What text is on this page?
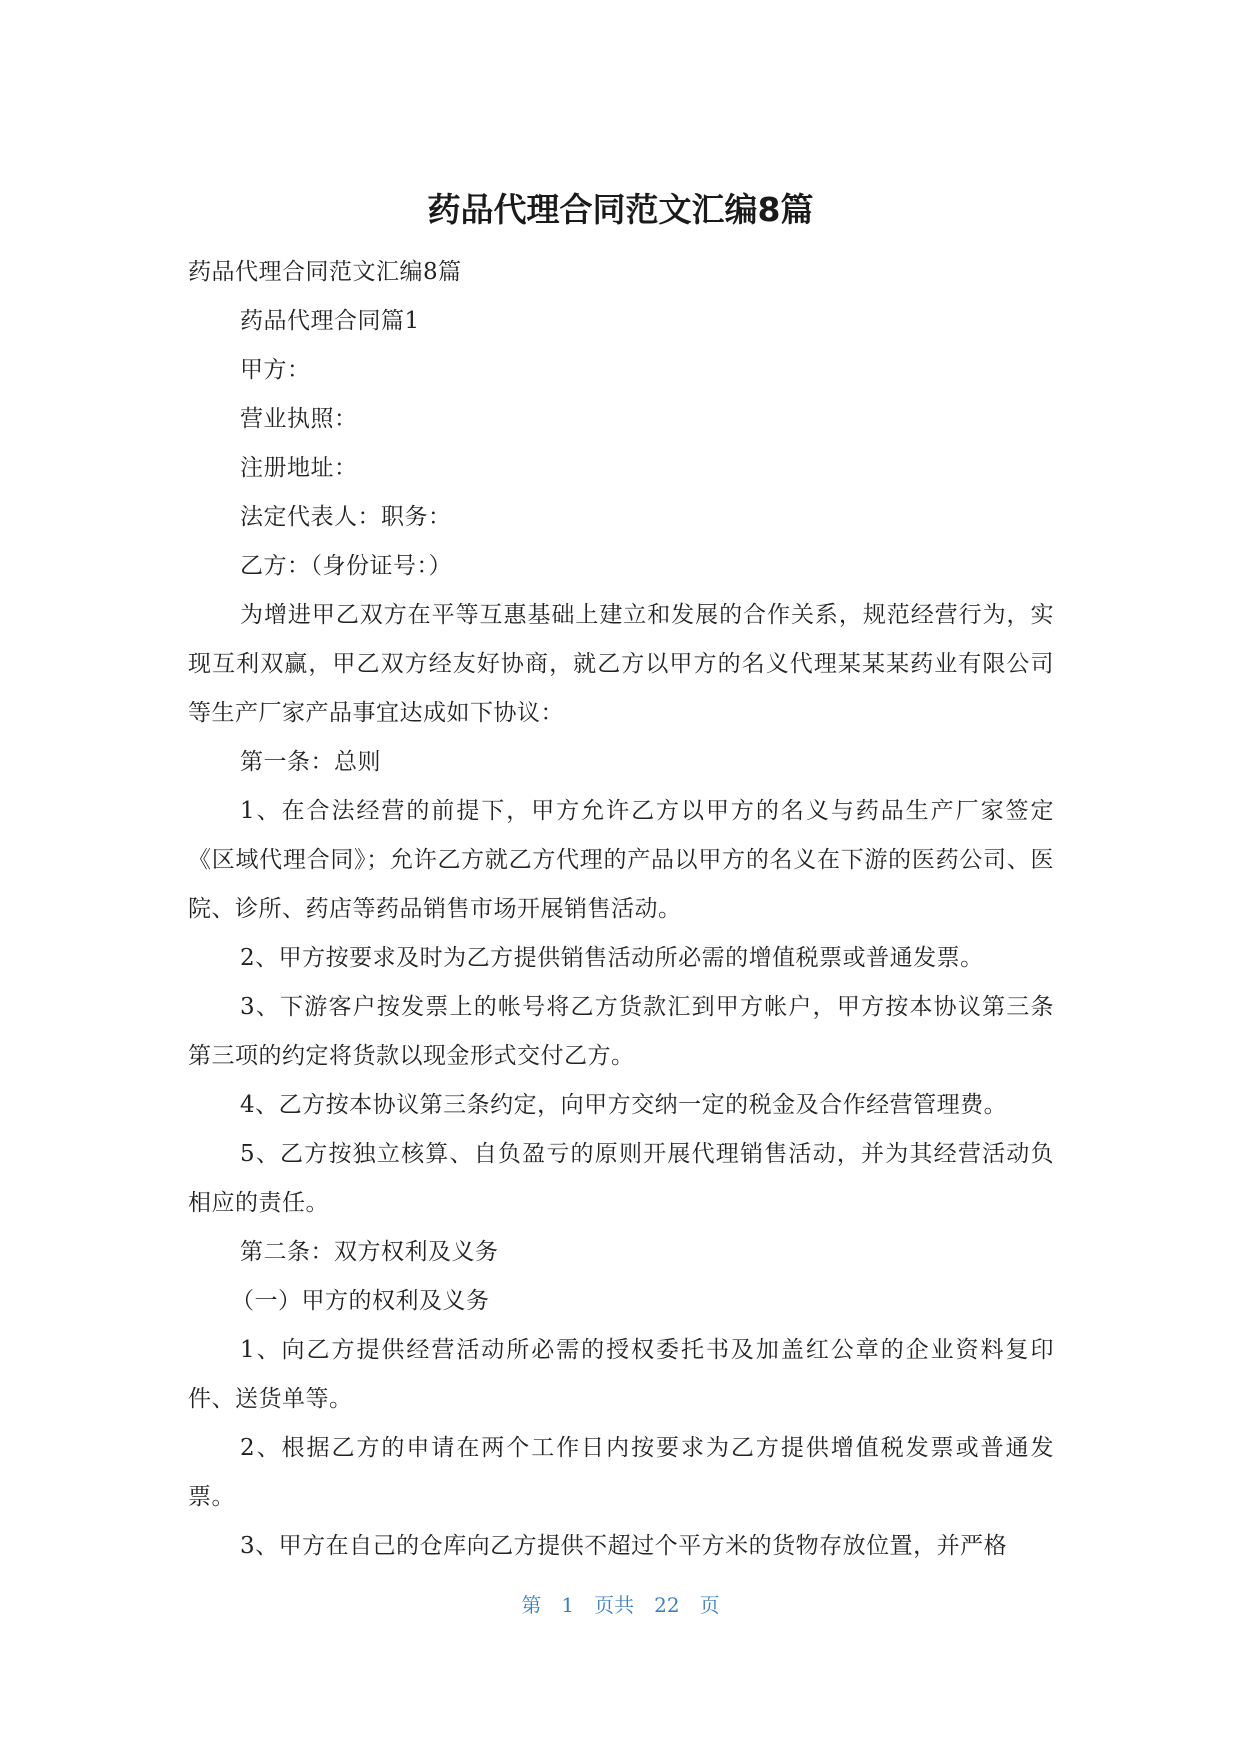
药品代理合同范文汇编8篇

药品代理合同范文汇编8篇

药品代理合同篇1

甲方：

营业执照：

注册地址：

法定代表人：职务：

乙方：（身份证号：）

为增进甲乙双方在平等互惠基础上建立和发展的合作关系，规范经营行为，实现互利双赢，甲乙双方经友好协商，就乙方以甲方的名义代理某某某药业有限公司等生产厂家产品事宜达成如下协议：

第一条：总则

1、在合法经营的前提下，甲方允许乙方以甲方的名义与药品生产厂家签定《区域代理合同》；允许乙方就乙方代理的产品以甲方的名义在下游的医药公司、医院、诊所、药店等药品销售市场开展销售活动。

2、甲方按要求及时为乙方提供销售活动所必需的增值税票或普通发票。

3、下游客户按发票上的帐号将乙方货款汇到甲方帐户，甲方按本协议第三条第三项的约定将货款以现金形式交付乙方。

4、乙方按本协议第三条约定，向甲方交纳一定的税金及合作经营管理费。

5、乙方按独立核算、自负盈亏的原则开展代理销售活动，并为其经营活动负相应的责任。

第二条：双方权利及义务

（一）甲方的权利及义务

1、向乙方提供经营活动所必需的授权委托书及加盖红公章的企业资料复印件、送货单等。

2、根据乙方的申请在两个工作日内按要求为乙方提供增值税发票或普通发票。

3、甲方在自己的仓库向乙方提供不超过个平方米的货物存放位置，并严格

第 1 页共 22 页
